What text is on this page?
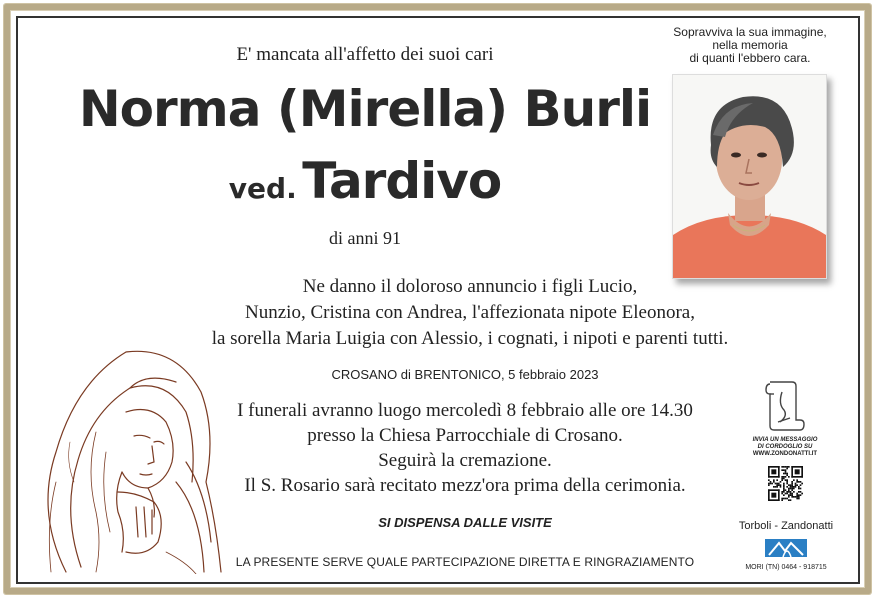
E' mancata all'affetto dei suoi cari
Norma (Mirella) Burli
ved. Tardivo
di anni 91
Sopravviva la sua immagine,
nella memoria
di quanti l'ebbero cara.
Ne danno il doloroso annuncio i figli Lucio,
Nunzio, Cristina con Andrea, l'affezionata nipote Eleonora,
la sorella Maria Luigia con Alessio, i cognati, i nipoti e parenti tutti.
CROSANO di BRENTONICO, 5 febbraio 2023
I funerali avranno luogo mercoledì 8 febbraio alle ore 14.30
presso la Chiesa Parrocchiale di Crosano.
Seguirà la cremazione.
Il S. Rosario sarà recitato mezz'ora prima della cerimonia.
SI DISPENSA DALLE VISITE
LA PRESENTE SERVE QUALE PARTECIPAZIONE DIRETTA E RINGRAZIAMENTO
INVIA UN MESSAGGIO
DI CORDOGLIO SU
WWW.ZONDONATTI.IT
Torboli - Zandonatti
MORI (TN) 0464 - 918715
